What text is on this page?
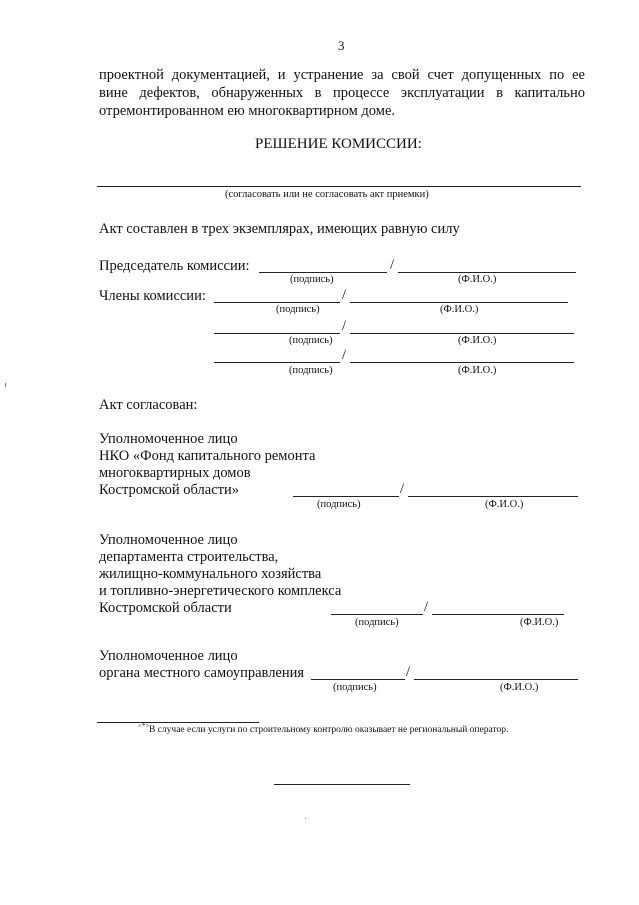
3
проектной документацией, и устранение за свой счет допущенных по ее
вине дефектов, обнаруженных в процессе эксплуатации в капитально
отремонтированном ею многоквартирном доме.
РЕШЕНИЕ КОМИССИИ:
(согласовать или не согласовать акт приемки)
Акт составлен в трех экземплярах, имеющих равную силу
Председатель комиссии:	/
(подпись)	(Ф.И.О.)
Члены комиссии:	/
(подпись)	(Ф.И.О.)
/
(подпись)	(Ф.И.О.)
/
(подпись)	(Ф.И.О.)
Акт согласован:
Уполномоченное лицо
НКО «Фонд капитального ремонта
многоквартирных домов
Костромской области»	/
(подпись)	(Ф.И.О.)
Уполномоченное лицо
департамента строительства,
жилищно-коммунального хозяйства
и топливно-энергетического комплекса
Костромской области	/
(подпись)	(Ф.И.О.)
Уполномоченное лицо
органа местного самоуправления	/
(подпись)	(Ф.И.О.)
<*> В случае если услуги по строительному контролю оказывает не региональный оператор.
